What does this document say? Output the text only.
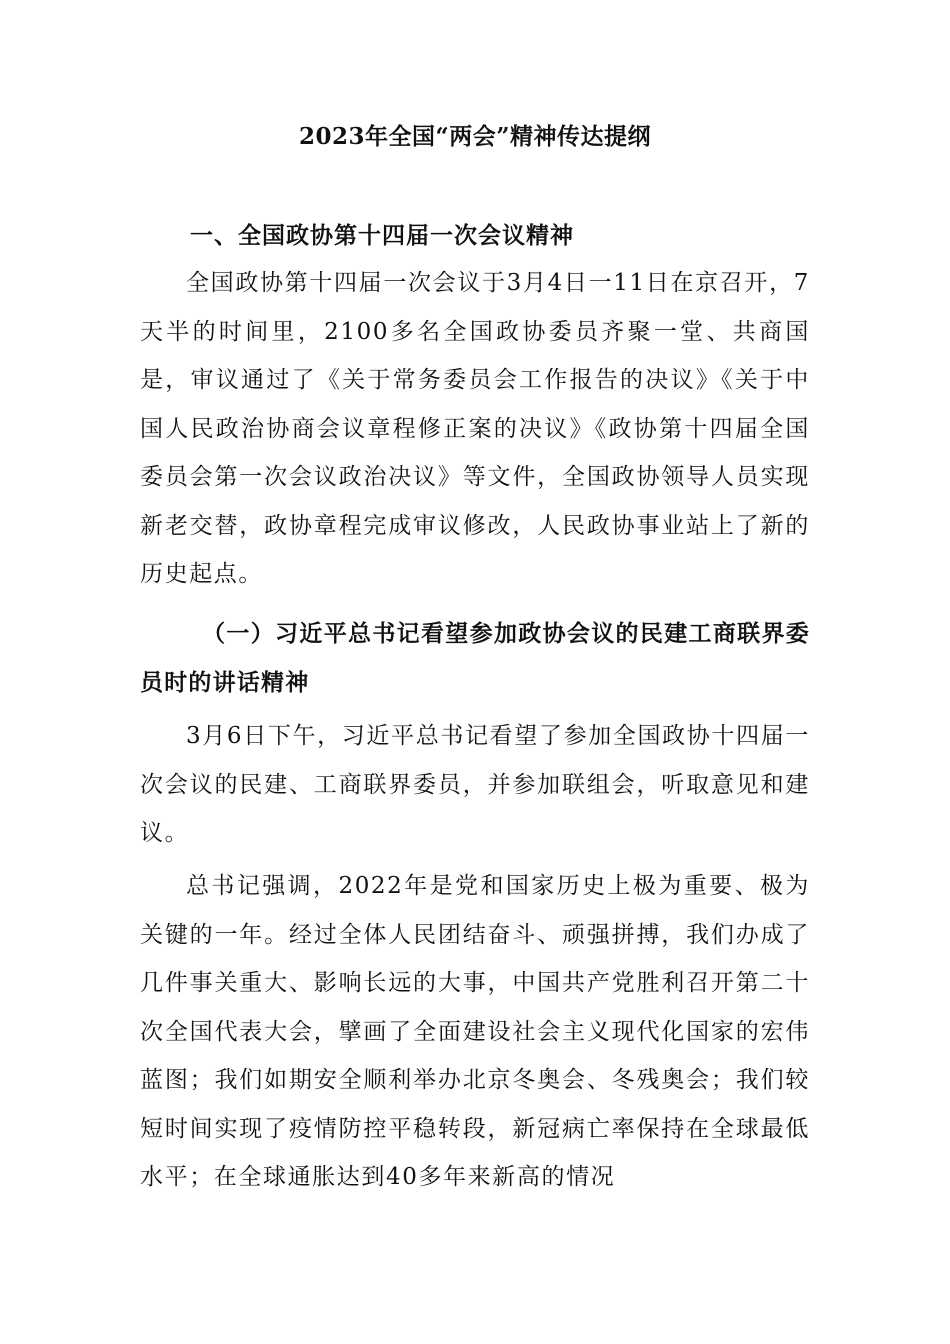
2023年全国“两会”精神传达提纲
一、全国政协第十四届一次会议精神

全国政协第十四届一次会议于3月4日一11日在京召开，7天半的时间里，2100多名全国政协委员齐聚一堂、共商国是，审议通过了《关于常务委员会工作报告的决议》《关于中国人民政治协商会议章程修正案的决议》《政协第十四届全国委员会第一次会议政治决议》等文件，全国政协领导人员实现新老交替，政协章程完成审议修改，人民政协事业站上了新的历史起点。

（一）习近平总书记看望参加政协会议的民建工商联界委员时的讲话精神

3月6日下午，习近平总书记看望了参加全国政协十四届一次会议的民建、工商联界委员，并参加联组会，听取意见和建议。

总书记强调，2022年是党和国家历史上极为重要、极为关键的一年。经过全体人民团结奋斗、顽强拼搏，我们办成了几件事关重大、影响长远的大事，中国共产党胜利召开第二十次全国代表大会，擘画了全面建设社会主义现代化国家的宏伟蓝图；我们如期安全顺利举办北京冬奥会、冬残奥会；我们较短时间实现了疫情防控平稳转段，新冠病亡率保持在全球最低水平；在全球通胀达到40多年来新高的情况
